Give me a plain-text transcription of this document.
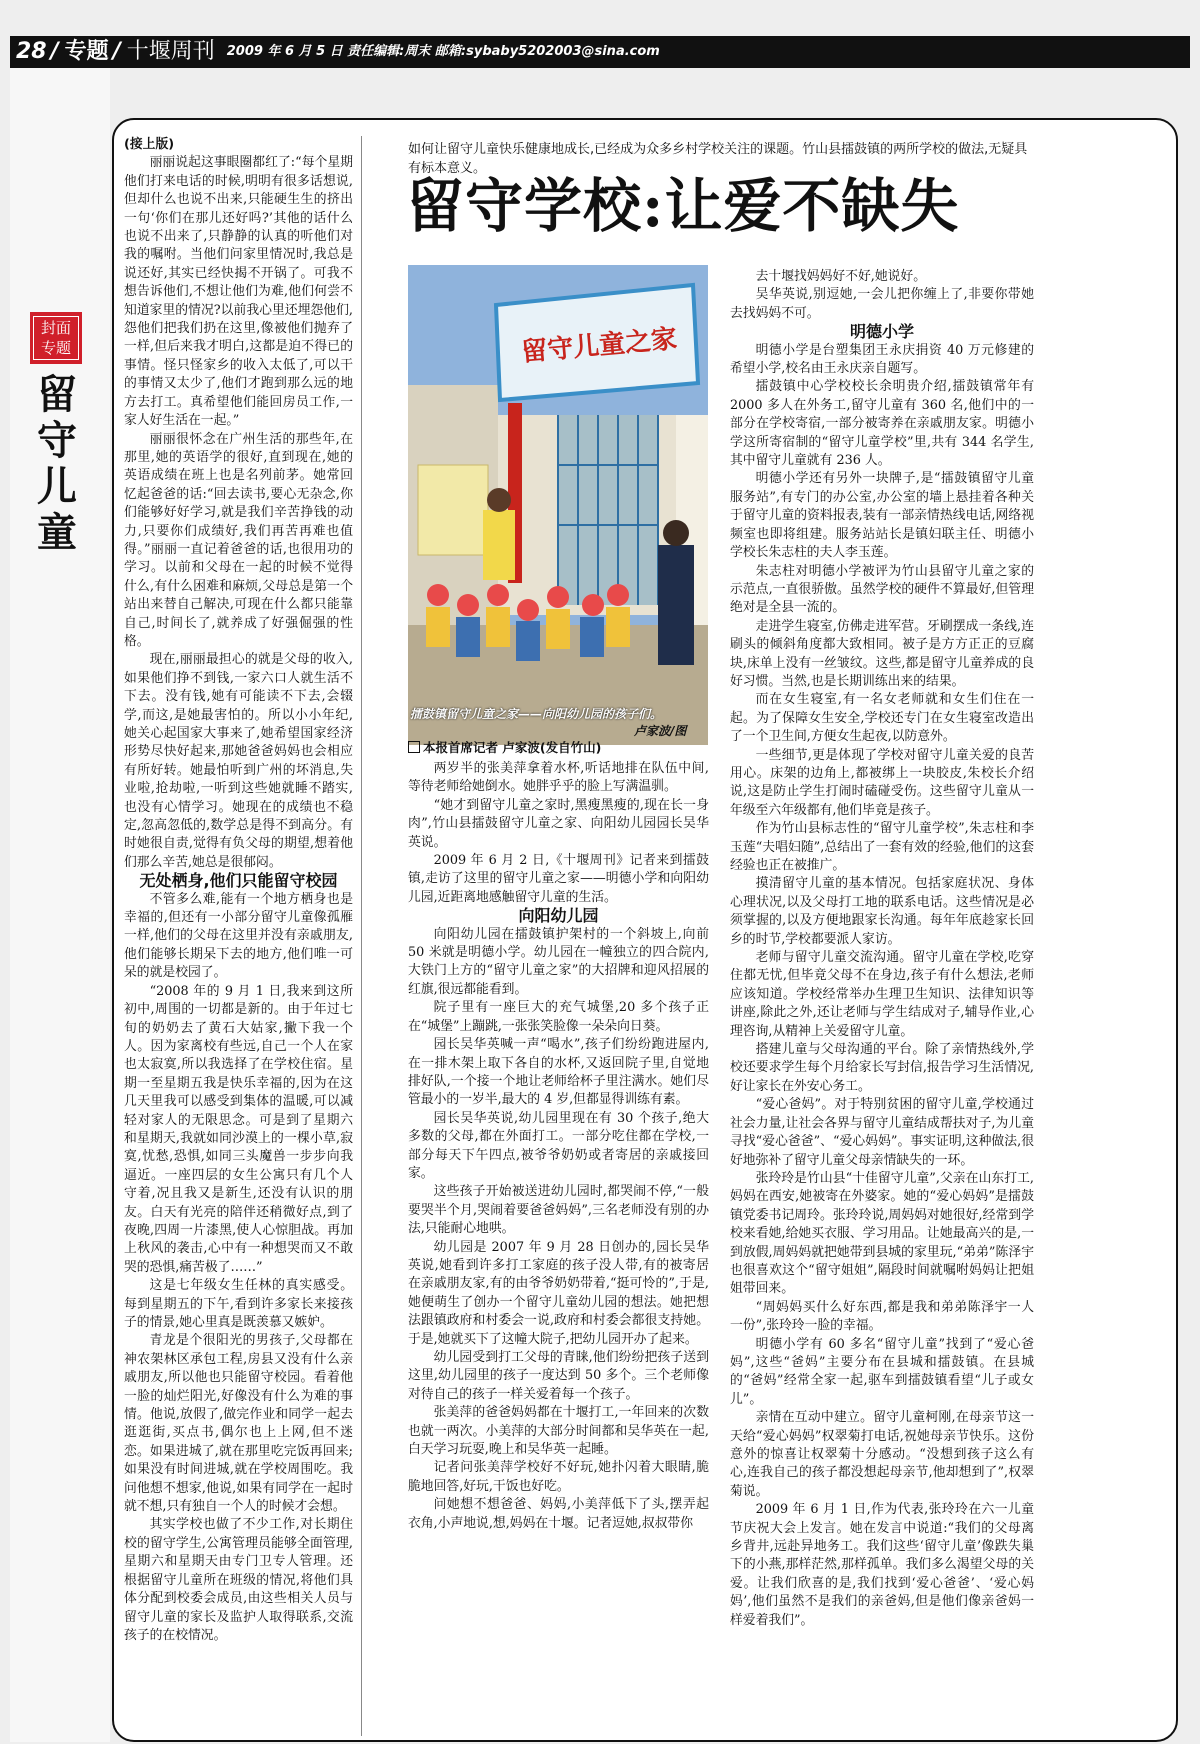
28 / 专题 / 十堰周刊 2009 年 6 月 5 日 责任编辑:周末 邮箱:sybaby5202003@sina.com
封面
专题
留守儿童

(接上版)

丽丽说起这事眼圈都红了:“每个星期他们打来电话的时候,明明有很多话想说,但却什么也说不出来,只能硬生生的挤出一句‘你们在那儿还好吗?’其他的话什么也说不出来了,只静静的认真的听他们对我的嘱咐。当他们问家里情况时,我总是说还好,其实已经快揭不开锅了。可我不想告诉他们,不想让他们为难,他们何尝不知道家里的情况?以前我心里还埋怨他们,怨他们把我们扔在这里,像被他们抛弃了一样,但后来我才明白,这都是迫不得已的事情。怪只怪家乡的收入太低了,可以干的事情又太少了,他们才跑到那么远的地方去打工。真希望他们能回房员工作,一家人好生活在一起。”

丽丽很怀念在广州生活的那些年,在那里,她的英语学的很好,直到现在,她的英语成绩在班上也是名列前茅。她常回忆起爸爸的话:“回去读书,要心无杂念,你们能够好好学习,就是我们辛苦挣钱的动力,只要你们成绩好,我们再苦再难也值得。”丽丽一直记着爸爸的话,也很用功的学习。以前和父母在一起的时候不觉得什么,有什么困难和麻烦,父母总是第一个站出来替自己解决,可现在什么都只能靠自己,时间长了,就养成了好强倔强的性格。

现在,丽丽最担心的就是父母的收入,如果他们挣不到钱,一家六口人就生活不下去。没有钱,她有可能读不下去,会辍学,而这,是她最害怕的。所以小小年纪,她关心起国家大事来了,她希望国家经济形势尽快好起来,那她爸爸妈妈也会相应有所好转。她最怕听到广州的坏消息,失业啦,抢劫啦,一听到这些她就睡不踏实,也没有心情学习。她现在的成绩也不稳定,忽高忽低的,数学总是得不到高分。有时她很自责,觉得有负父母的期望,想着他们那么辛苦,她总是很郁闷。

无处栖身,他们只能留守校园

不管多么难,能有一个地方栖身也是幸福的,但还有一小部分留守儿童像孤雁一样,他们的父母在这里并没有亲戚朋友,他们能够长期呆下去的地方,他们唯一可呆的就是校园了。

“2008 年的 9 月 1 日,我来到这所初中,周围的一切都是新的。由于年过七旬的奶奶去了黄石大姑家,撇下我一个人。因为家离校有些远,自己一个人在家也太寂寞,所以我选择了在学校住宿。星期一至星期五我是快乐幸福的,因为在这几天里我可以感受到集体的温暖,可以减轻对家人的无限思念。可是到了星期六和星期天,我就如同沙漠上的一棵小草,寂寞,忧愁,恐惧,如同三头魔兽一步步向我逼近。一座四层的女生公寓只有几个人守着,况且我又是新生,还没有认识的朋友。白天有光亮的陪伴还稍微好点,到了夜晚,四周一片漆黑,使人心惊胆战。再加上秋风的袭击,心中有一种想哭而又不敢哭的恐惧,痛苦极了……”

这是七年级女生任林的真实感受。每到星期五的下午,看到许多家长来接孩子的情景,她心里真是既羡慕又嫉妒。

青龙是个很阳光的男孩子,父母都在神农架林区承包工程,房县又没有什么亲戚朋友,所以他也只能留守校园。看着他一脸的灿烂阳光,好像没有什么为难的事情。他说,放假了,做完作业和同学一起去逛逛街,买点书,偶尔也上上网,但不迷恋。如果进城了,就在那里吃完饭再回来;如果没有时间进城,就在学校周围吃。我问他想不想家,他说,如果有同学在一起时就不想,只有独自一个人的时候才会想。

其实学校也做了不少工作,对长期住校的留守学生,公寓管理员能够全面管理,星期六和星期天由专门卫专人管理。还根据留守儿童所在班级的情况,将他们具体分配到校委会成员,由这些相关人员与留守儿童的家长及监护人取得联系,交流孩子的在校情况。

如何让留守儿童快乐健康地成长,已经成为众多乡村学校关注的课题。竹山县擂鼓镇的两所学校的做法,无疑具有标本意义。
留守学校:让爱不缺失
留守儿童之家
擂鼓镇留守儿童之家——向阳幼儿园的孩子们。
卢家波/图
本报首席记者 卢家波(发自竹山)

两岁半的张美萍拿着水杯,听话地排在队伍中间,等待老师给她倒水。她胖乎乎的脸上写满温驯。

“她才到留守儿童之家时,黑瘦黑瘦的,现在长一身肉”,竹山县擂鼓留守儿童之家、向阳幼儿园园长吴华英说。

2009 年 6 月 2 日,《十堰周刊》记者来到擂鼓镇,走访了这里的留守儿童之家——明德小学和向阳幼儿园,近距离地感触留守儿童的生活。

向阳幼儿园

向阳幼儿园在擂鼓镇护架村的一个斜坡上,向前 50 米就是明德小学。幼儿园在一幢独立的四合院内,大铁门上方的“留守儿童之家”的大招牌和迎风招展的红旗,很远都能看到。

院子里有一座巨大的充气城堡,20 多个孩子正在“城堡”上蹦跳,一张张笑脸像一朵朵向日葵。

园长吴华英喊一声“喝水”,孩子们纷纷跑进屋内,在一排木架上取下各自的水杯,又返回院子里,自觉地排好队,一个接一个地让老师给杯子里注满水。她们尽管最小的一岁半,最大的 4 岁,但都显得训练有素。

园长吴华英说,幼儿园里现在有 30 个孩子,绝大多数的父母,都在外面打工。一部分吃住都在学校,一部分每天下午四点,被爷爷奶奶或者寄居的亲戚接回家。

这些孩子开始被送进幼儿园时,都哭闹不停,“一般要哭半个月,哭闹着要爸爸妈妈”,三名老师没有别的办法,只能耐心地哄。

幼儿园是 2007 年 9 月 28 日创办的,园长吴华英说,她看到许多打工家庭的孩子没人带,有的被寄居在亲戚朋友家,有的由爷爷奶奶带着,“挺可怜的”,于是,她便萌生了创办一个留守儿童幼儿园的想法。她把想法跟镇政府和村委会一说,政府和村委会都很支持她。于是,她就买下了这幢大院子,把幼儿园开办了起来。

幼儿园受到打工父母的青睐,他们纷纷把孩子送到这里,幼儿园里的孩子一度达到 50 多个。三个老师像对待自己的孩子一样关爱着每一个孩子。

张美萍的爸爸妈妈都在十堰打工,一年回来的次数也就一两次。小美萍的大部分时间都和吴华英在一起,白天学习玩耍,晚上和吴华英一起睡。

记者问张美萍学校好不好玩,她扑闪着大眼睛,脆脆地回答,好玩,干饭也好吃。

问她想不想爸爸、妈妈,小美萍低下了头,摆弄起衣角,小声地说,想,妈妈在十堰。记者逗她,叔叔带你

去十堰找妈妈好不好,她说好。

吴华英说,别逗她,一会儿把你缠上了,非要你带她去找妈妈不可。

明德小学

明德小学是台塑集团王永庆捐资 40 万元修建的希望小学,校名由王永庆亲自题写。

擂鼓镇中心学校校长余明贵介绍,擂鼓镇常年有 2000 多人在外务工,留守儿童有 360 名,他们中的一部分在学校寄宿,一部分被寄养在亲戚朋友家。明德小学这所寄宿制的“留守儿童学校”里,共有 344 名学生,其中留守儿童就有 236 人。

明德小学还有另外一块牌子,是“擂鼓镇留守儿童服务站”,有专门的办公室,办公室的墙上悬挂着各种关于留守儿童的资料报表,装有一部亲情热线电话,网络视频室也即将组建。服务站站长是镇妇联主任、明德小学校长朱志柱的夫人李玉莲。

朱志柱对明德小学被评为竹山县留守儿童之家的示范点,一直很骄傲。虽然学校的硬件不算最好,但管理绝对是全县一流的。

走进学生寝室,仿佛走进军营。牙刷摆成一条线,连刷头的倾斜角度都大致相同。被子是方方正正的豆腐块,床单上没有一丝皱纹。这些,都是留守儿童养成的良好习惯。当然,也是长期训练出来的结果。

而在女生寝室,有一名女老师就和女生们住在一起。为了保障女生安全,学校还专门在女生寝室改造出了一个卫生间,方便女生起夜,以防意外。

一些细节,更是体现了学校对留守儿童关爱的良苦用心。床架的边角上,都被绑上一块胶皮,朱校长介绍说,这是防止学生打闹时磕碰受伤。这些留守儿童从一年级至六年级都有,他们毕竟是孩子。

作为竹山县标志性的“留守儿童学校”,朱志柱和李玉莲“夫唱妇随”,总结出了一套有效的经验,他们的这套经验也正在被推广。

摸清留守儿童的基本情况。包括家庭状况、身体心理状况,以及父母打工地的联系电话。这些情况是必须掌握的,以及方便地跟家长沟通。每年年底趁家长回乡的时节,学校都要派人家访。

老师与留守儿童交流沟通。留守儿童在学校,吃穿住都无忧,但毕竟父母不在身边,孩子有什么想法,老师应该知道。学校经常举办生理卫生知识、法律知识等讲座,除此之外,还让老师与学生结成对子,辅导作业,心理咨询,从精神上关爱留守儿童。

搭建儿童与父母沟通的平台。除了亲情热线外,学校还要求学生每个月给家长写封信,报告学习生活情况,好让家长在外安心务工。

“爱心爸妈”。对于特别贫困的留守儿童,学校通过社会力量,让社会各界与留守儿童结成帮扶对子,为儿童寻找“爱心爸爸”、“爱心妈妈”。事实证明,这种做法,很好地弥补了留守儿童父母亲情缺失的一环。

张玲玲是竹山县“十佳留守儿童”,父亲在山东打工,妈妈在西安,她被寄在外婆家。她的“爱心妈妈”是擂鼓镇党委书记周玲。张玲玲说,周妈妈对她很好,经常到学校来看她,给她买衣服、学习用品。让她最高兴的是,一到放假,周妈妈就把她带到县城的家里玩,“弟弟”陈泽宇也很喜欢这个“留守姐姐”,隔段时间就嘱咐妈妈让把姐姐带回来。

“周妈妈买什么好东西,都是我和弟弟陈泽宇一人一份”,张玲玲一脸的幸福。

明德小学有 60 多名“留守儿童”找到了“爱心爸妈”,这些“爸妈”主要分布在县城和擂鼓镇。在县城的“爸妈”经常全家一起,驱车到擂鼓镇看望“儿子或女儿”。

亲情在互动中建立。留守儿童柯刚,在母亲节这一天给“爱心妈妈”权翠菊打电话,祝她母亲节快乐。这份意外的惊喜让权翠菊十分感动。“没想到孩子这么有心,连我自己的孩子都没想起母亲节,他却想到了”,权翠菊说。

2009 年 6 月 1 日,作为代表,张玲玲在六一儿童节庆祝大会上发言。她在发言中说道:“我们的父母离乡背井,远赴异地务工。我们这些‘留守儿童’像跌失巢下的小燕,那样茫然,那样孤单。我们多么渴望父母的关爱。让我们欣喜的是,我们找到‘爱心爸爸’、‘爱心妈妈’,他们虽然不是我们的亲爸妈,但是他们像亲爸妈一样爱着我们”。
